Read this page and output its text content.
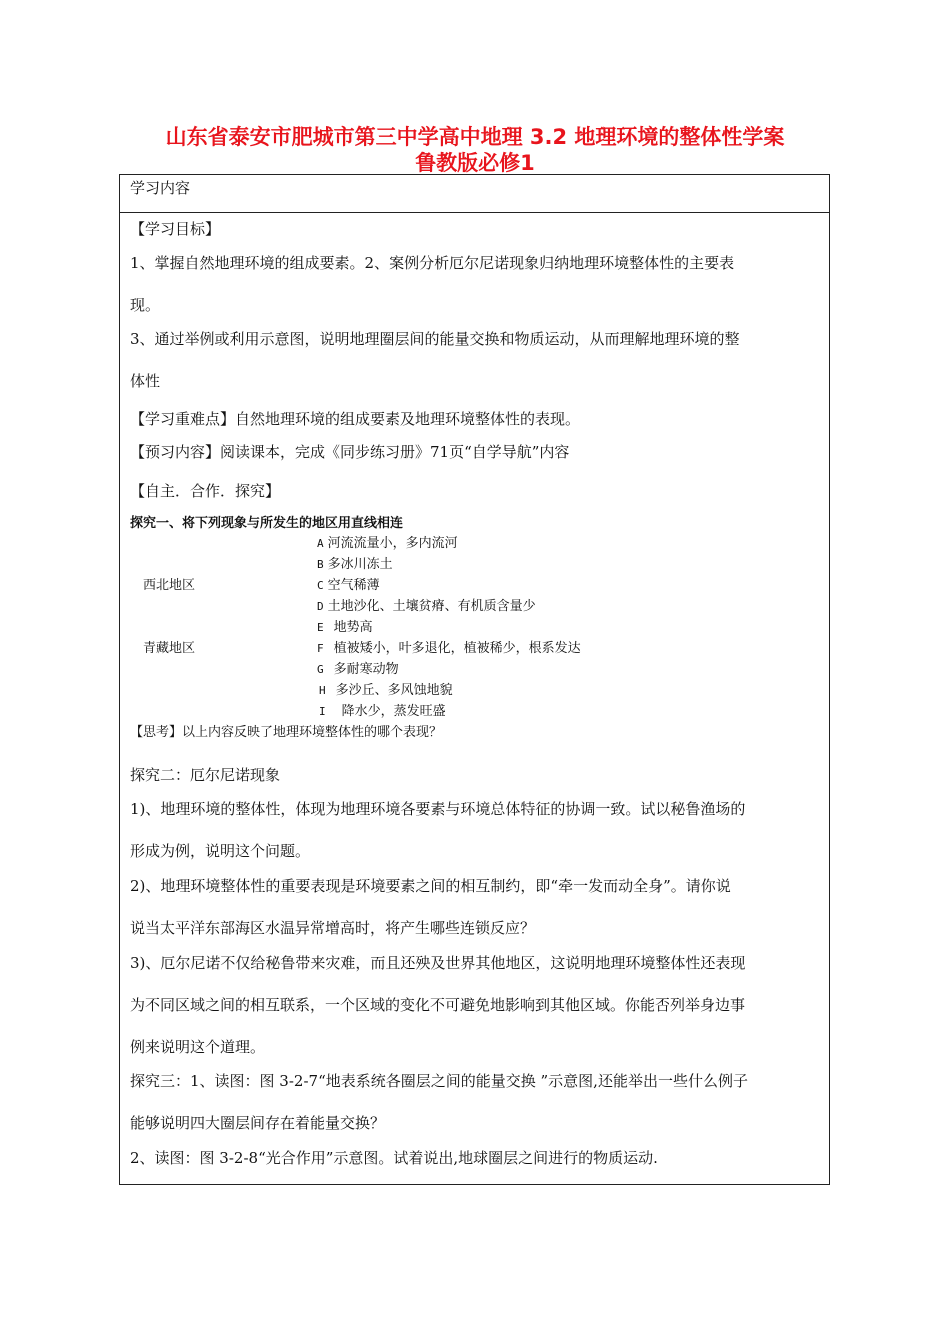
山东省泰安市肥城市第三中学高中地理 3.2 地理环境的整体性学案
鲁教版必修1
学习内容
【学习目标】
1、掌握自然地理环境的组成要素。2、案例分析厄尔尼诺现象归纳地理环境整体性的主要表
现。
3、通过举例或利用示意图，说明地理圈层间的能量交换和物质运动，从而理解地理环境的整
体性
【学习重难点】自然地理环境的组成要素及地理环境整体性的表现。
【预习内容】阅读课本，完成《同步练习册》71页“自学导航”内容
【自主．合作．探究】
探究一、将下列现象与所发生的地区用直线相连
西北地区
青藏地区
A 河流流量小，多内流河
B 多冰川冻土
C 空气稀薄
D 土地沙化、土壤贫瘠、有机质含量少
E 地势高
F 植被矮小，叶多退化，植被稀少，根系发达
G 多耐寒动物
H 多沙丘、多风蚀地貌
I 降水少，蒸发旺盛
【思考】以上内容反映了地理环境整体性的哪个表现？
探究二：厄尔尼诺现象
1)、地理环境的整体性，体现为地理环境各要素与环境总体特征的协调一致。试以秘鲁渔场的
形成为例，说明这个问题。
2)、地理环境整体性的重要表现是环境要素之间的相互制约，即“牵一发而动全身”。请你说
说当太平洋东部海区水温异常增高时，将产生哪些连锁反应？
3)、厄尔尼诺不仅给秘鲁带来灾难，而且还殃及世界其他地区，这说明地理环境整体性还表现
为不同区域之间的相互联系，一个区域的变化不可避免地影响到其他区域。你能否列举身边事
例来说明这个道理。
探究三：1、读图：图 3-2-7“地表系统各圈层之间的能量交换 ”示意图,还能举出一些什么例子
能够说明四大圈层间存在着能量交换？
2、读图：图 3-2-8“光合作用”示意图。试着说出,地球圈层之间进行的物质运动.
